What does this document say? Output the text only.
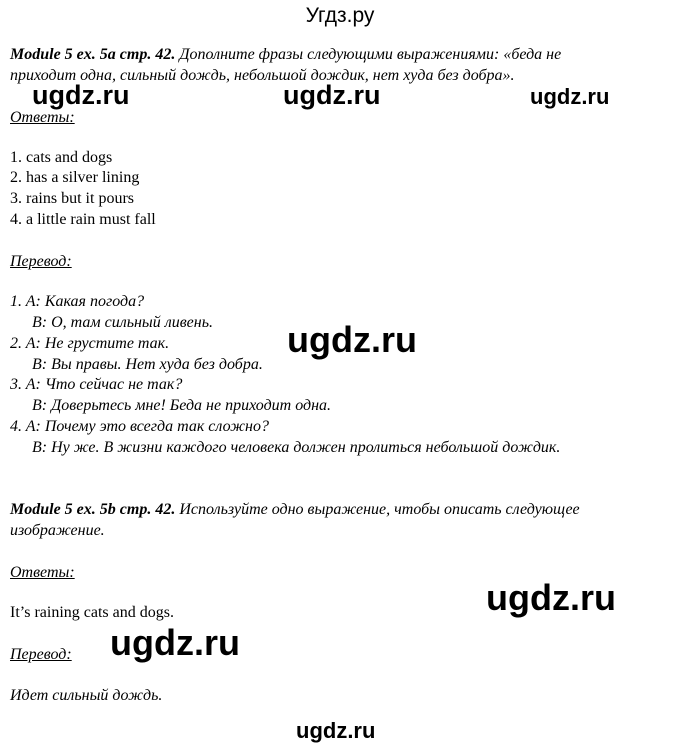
Угдз.ру
Module 5 ex. 5a стр. 42. Дополните фразы следующими выражениями: «беда не
приходит одна, сильный дождь, небольшой дождик, нет худа без добра».
ugdz.ru	ugdz.ru	ugdz.ru
Ответы:
1. cats and dogs
2. has a silver lining
3. rains but it pours
4. a little rain must fall
Перевод:
1. A: Какая погода?
B: О, там сильный ливень.
2. A: Не грустите так.
B: Вы правы. Нет худа без добра.
3. A: Что сейчас не так?
B: Доверьтесь мне! Беда не приходит одна.
4. A: Почему это всегда так сложно?
B: Ну же. В жизни каждого человека должен пролиться небольшой дождик.
ugdz.ru
Module 5 ex. 5b стр. 42. Используйте одно выражение, чтобы описать следующее
изображение.
Ответы:
It’s raining cats and dogs.	ugdz.ru
ugdz.ru
Перевод:
Идет сильный дождь.
ugdz.ru
